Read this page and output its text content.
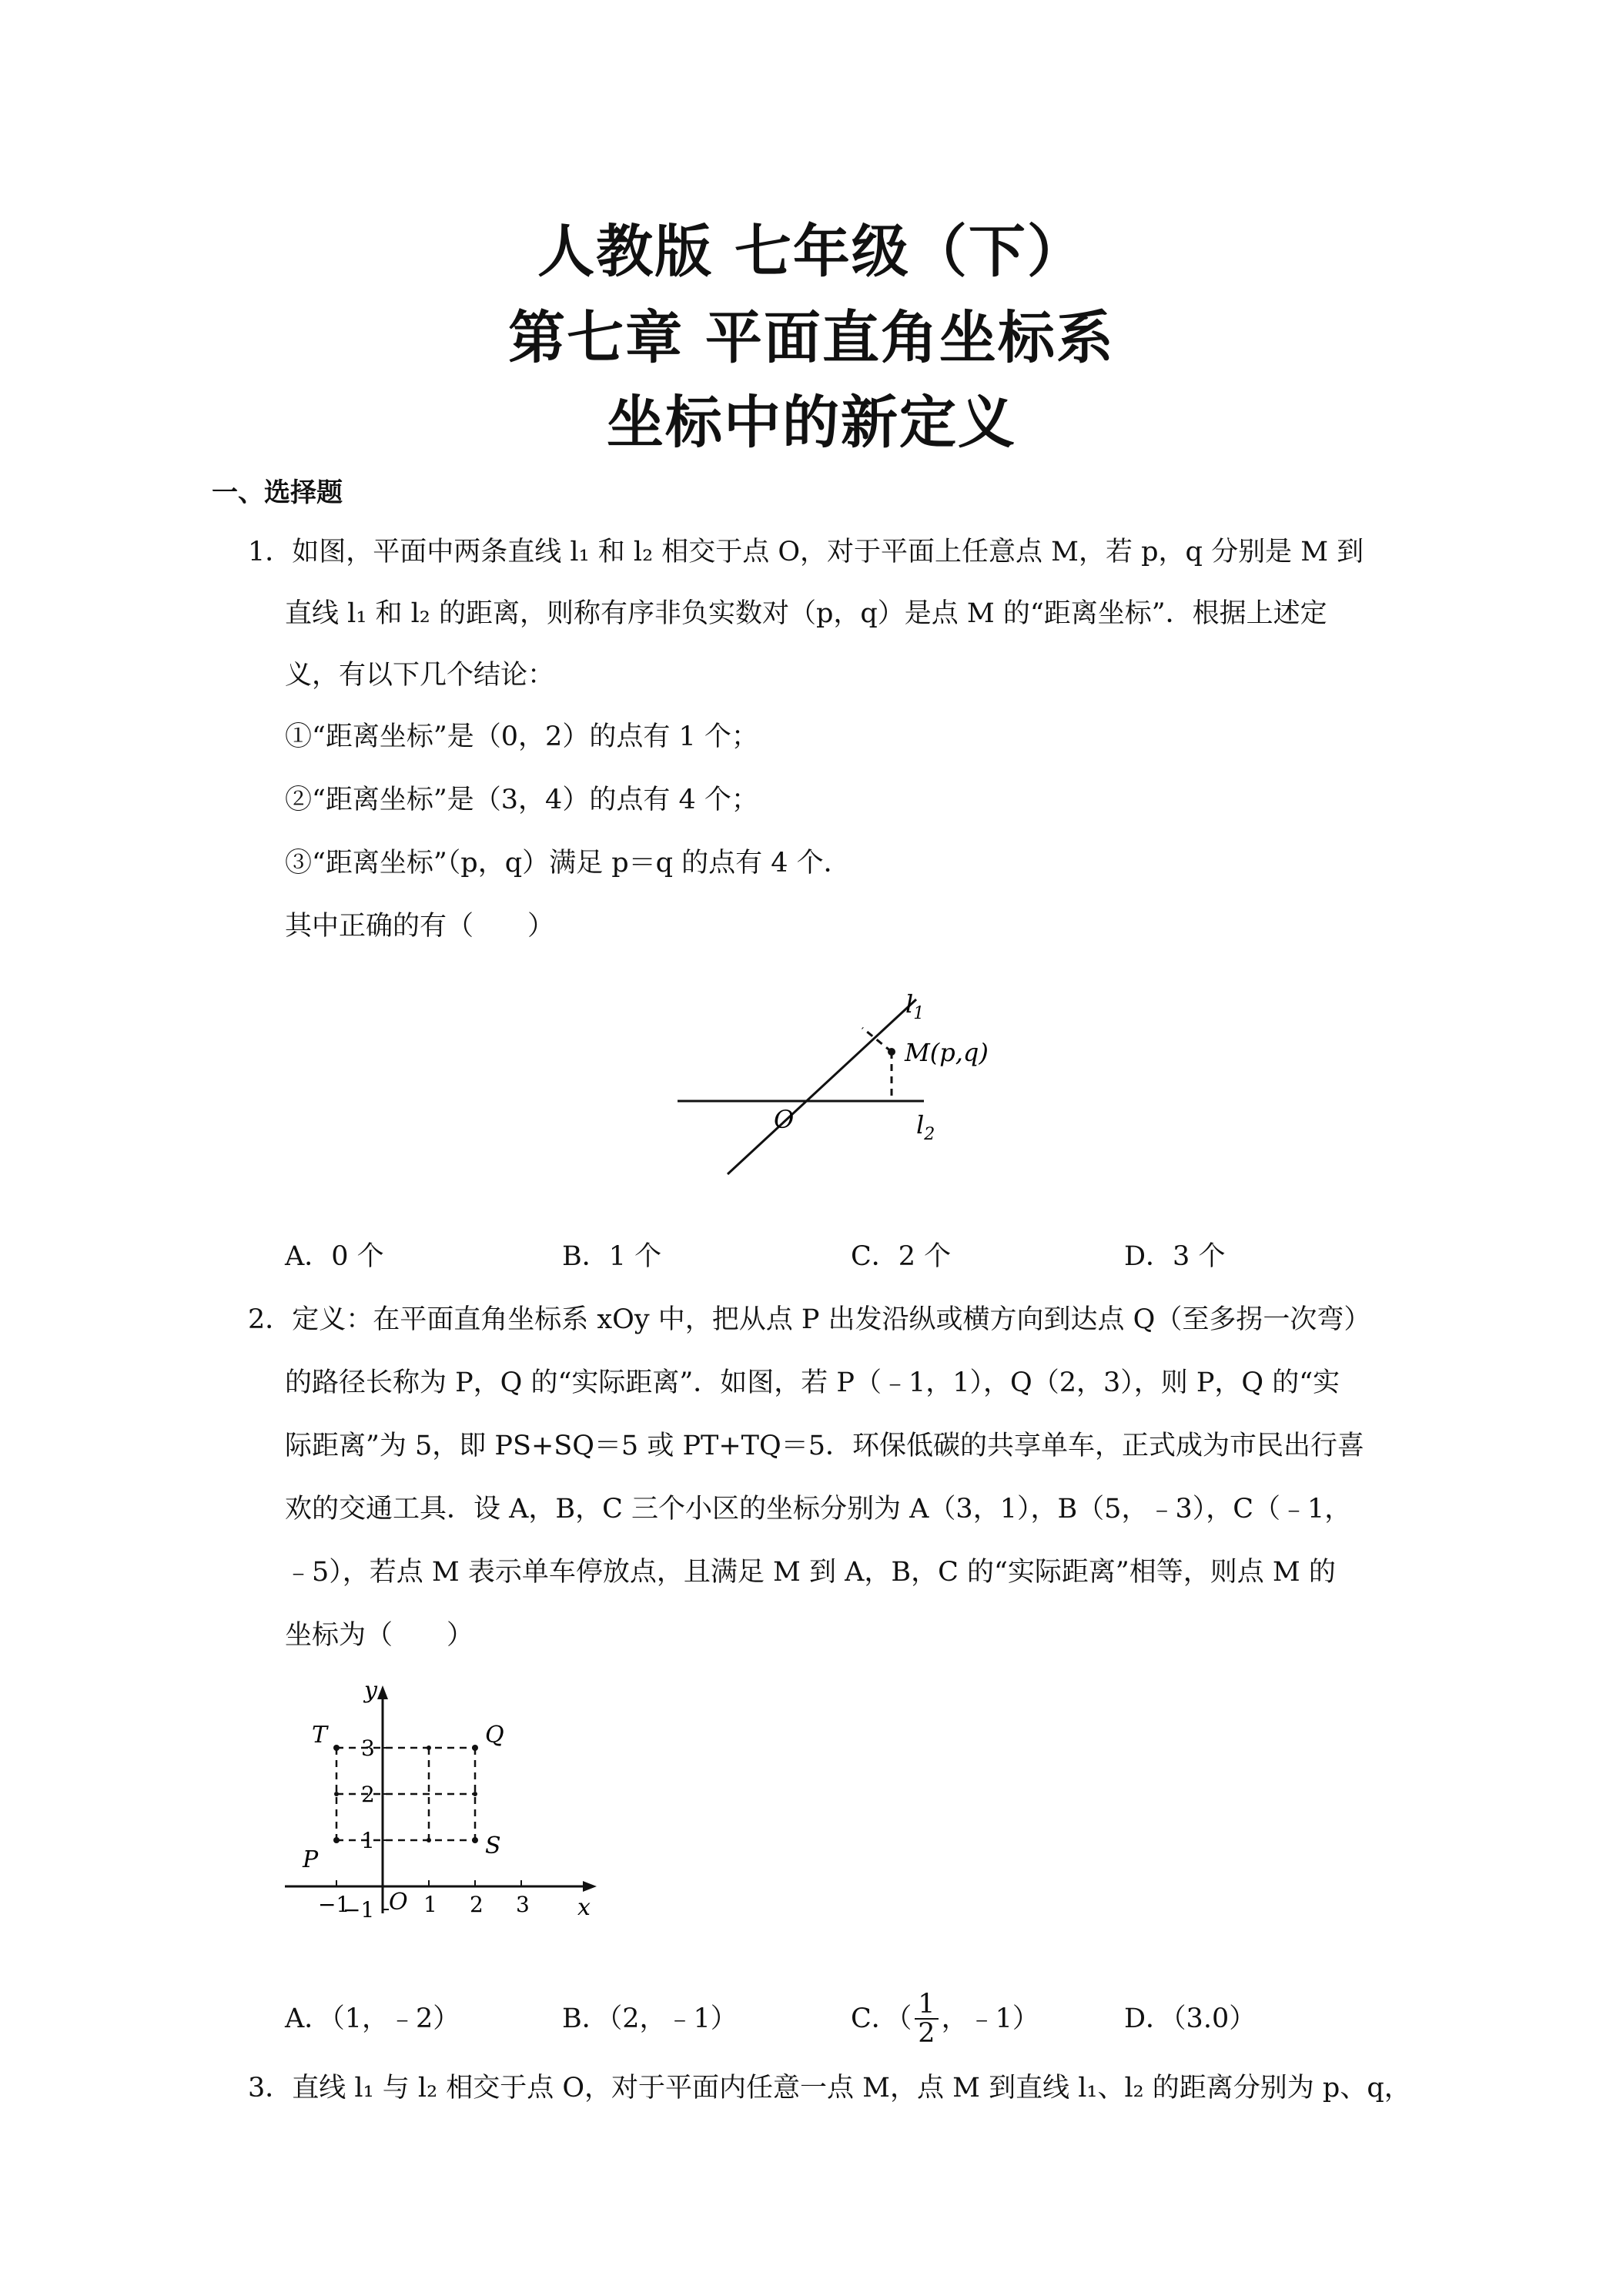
人教版 七年级（下）
第七章 平面直角坐标系
坐标中的新定义
一、选择题
1．如图，平面中两条直线 l₁ 和 l₂ 相交于点 O，对于平面上任意点 M，若 p，q 分别是 M 到
直线 l₁ 和 l₂ 的距离，则称有序非负实数对（p，q）是点 M 的“距离坐标”．根据上述定
义，有以下几个结论：
①“距离坐标”是（0，2）的点有 1 个；
②“距离坐标”是（3，4）的点有 4 个；
③“距离坐标”（p，q）满足 p＝q 的点有 4 个．
其中正确的有（　　）
$l_1$
M(p,q)
O	$l_2$
A．0 个	B．1 个	C．2 个	D．3 个
2．定义：在平面直角坐标系 xOy 中，把从点 P 出发沿纵或横方向到达点 Q（至多拐一次弯）
的路径长称为 P，Q 的“实际距离”．如图，若 P（﹣1，1），Q（2，3），则 P，Q 的“实
际距离”为 5，即 PS+SQ＝5 或 PT+TQ＝5．环保低碳的共享单车，正式成为市民出行喜
欢的交通工具．设 A，B，C 三个小区的坐标分别为 A（3，1），B（5，﹣3），C（﹣1，
﹣5），若点 M 表示单车停放点，且满足 M 到 A，B，C 的“实际距离”相等，则点 M 的
坐标为（　　）
y
x
O
T	Q
P
S
3
2
1
−1
−1	1 2 3
A．（1，﹣2）	B．（2，﹣1）	C．（ $\frac{1}{2}$ ，﹣1）	D．（3.0）
3．直线 l₁ 与 l₂ 相交于点 O，对于平面内任意一点 M，点 M 到直线 l₁、l₂ 的距离分别为 p、q，
